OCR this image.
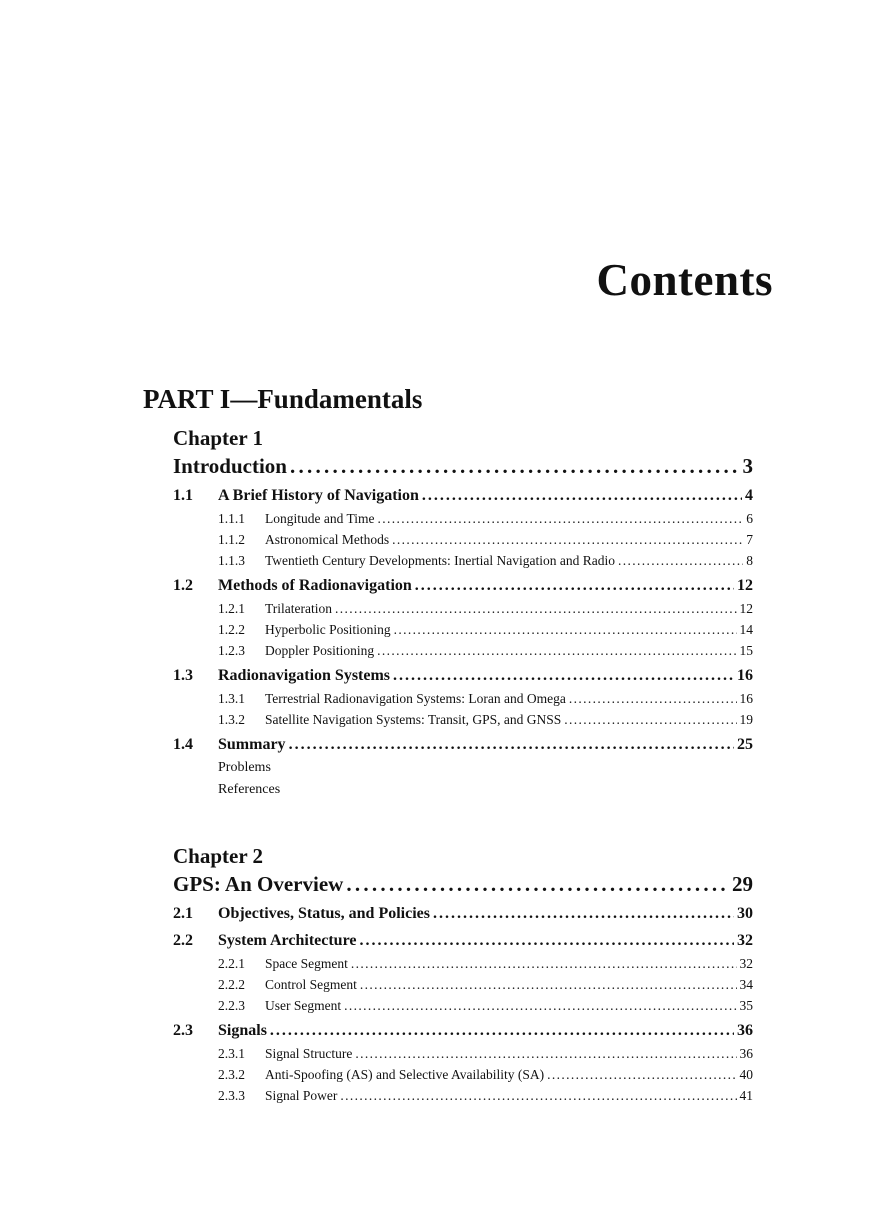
Contents
PART I—Fundamentals
Chapter 1
Introduction . . .	3
1.1	A Brief History of Navigation . . .	4
1.1.1	Longitude and Time . . .	6
1.1.2	Astronomical Methods . . .	7
1.1.3	Twentieth Century Developments: Inertial Navigation and Radio . . .	8
1.2	Methods of Radionavigation . . .	12
1.2.1	Trilateration . . .	12
1.2.2	Hyperbolic Positioning . . .	14
1.2.3	Doppler Positioning . . .	15
1.3	Radionavigation Systems . . .	16
1.3.1	Terrestrial Radionavigation Systems: Loran and Omega . . .	16
1.3.2	Satellite Navigation Systems: Transit, GPS, and GNSS . . .	19
1.4	Summary . . .	25
Problems
References
Chapter 2
GPS: An Overview . . .	29
2.1	Objectives, Status, and Policies . . .	30
2.2	System Architecture . . .	32
2.2.1	Space Segment . . .	32
2.2.2	Control Segment . . .	34
2.2.3	User Segment . . .	35
2.3	Signals . . .	36
2.3.1	Signal Structure . . .	36
2.3.2	Anti-Spoofing (AS) and Selective Availability (SA) . . .	40
2.3.3	Signal Power . . .	41
